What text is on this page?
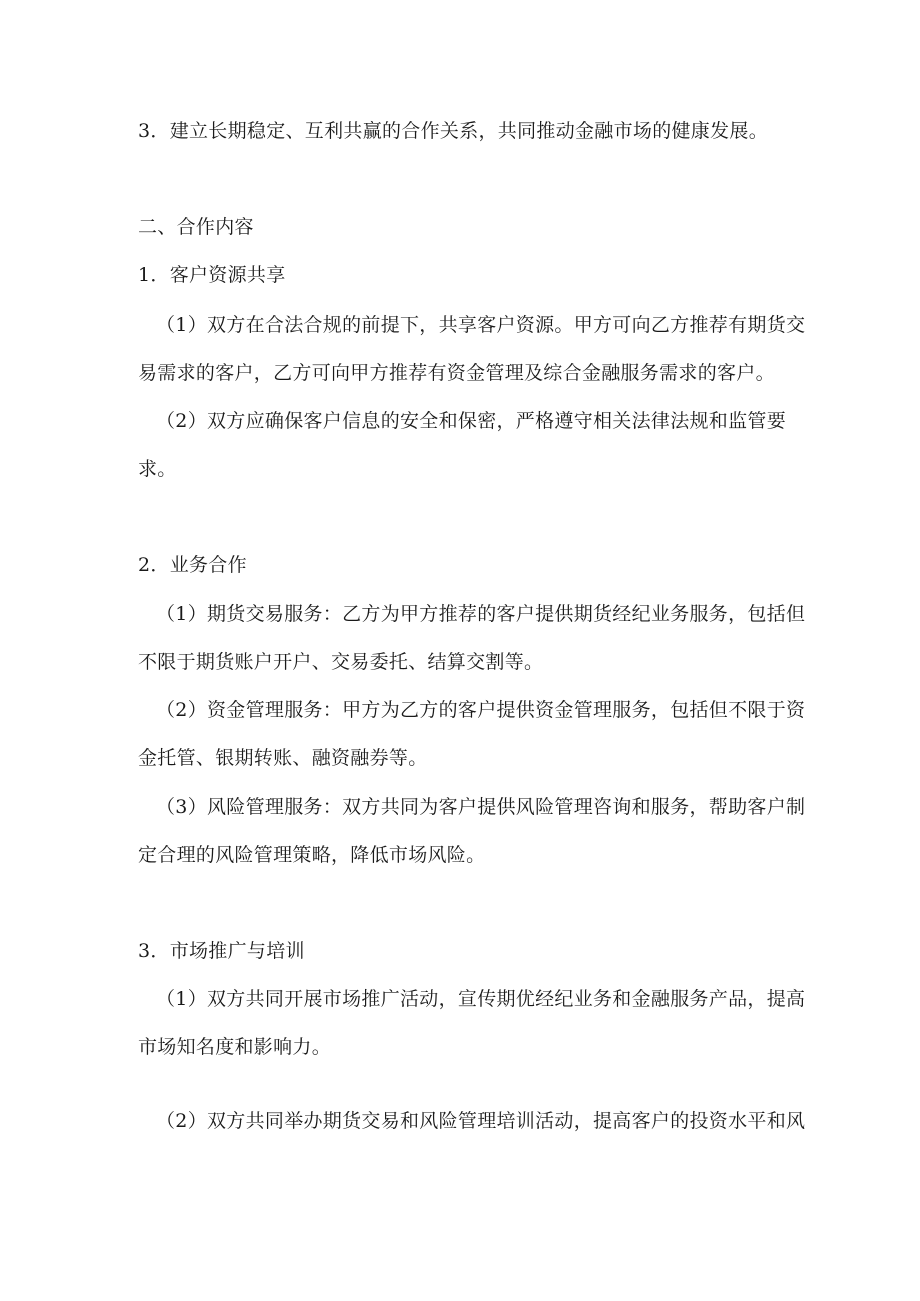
3．建立长期稳定、互利共赢的合作关系，共同推动金融市场的健康发展。
二、合作内容
1．客户资源共享
（1）双方在合法合规的前提下，共享客户资源。甲方可向乙方推荐有期货交
易需求的客户，乙方可向甲方推荐有资金管理及综合金融服务需求的客户。
（2）双方应确保客户信息的安全和保密，严格遵守相关法律法规和监管要
求。
2．业务合作
（1）期货交易服务：乙方为甲方推荐的客户提供期货经纪业务服务，包括但
不限于期货账户开户、交易委托、结算交割等。
（2）资金管理服务：甲方为乙方的客户提供资金管理服务，包括但不限于资
金托管、银期转账、融资融券等。
（3）风险管理服务：双方共同为客户提供风险管理咨询和服务，帮助客户制
定合理的风险管理策略，降低市场风险。
3．市场推广与培训
（1）双方共同开展市场推广活动，宣传期优经纪业务和金融服务产品，提高
市场知名度和影响力。
（2）双方共同举办期货交易和风险管理培训活动，提高客户的投资水平和风
